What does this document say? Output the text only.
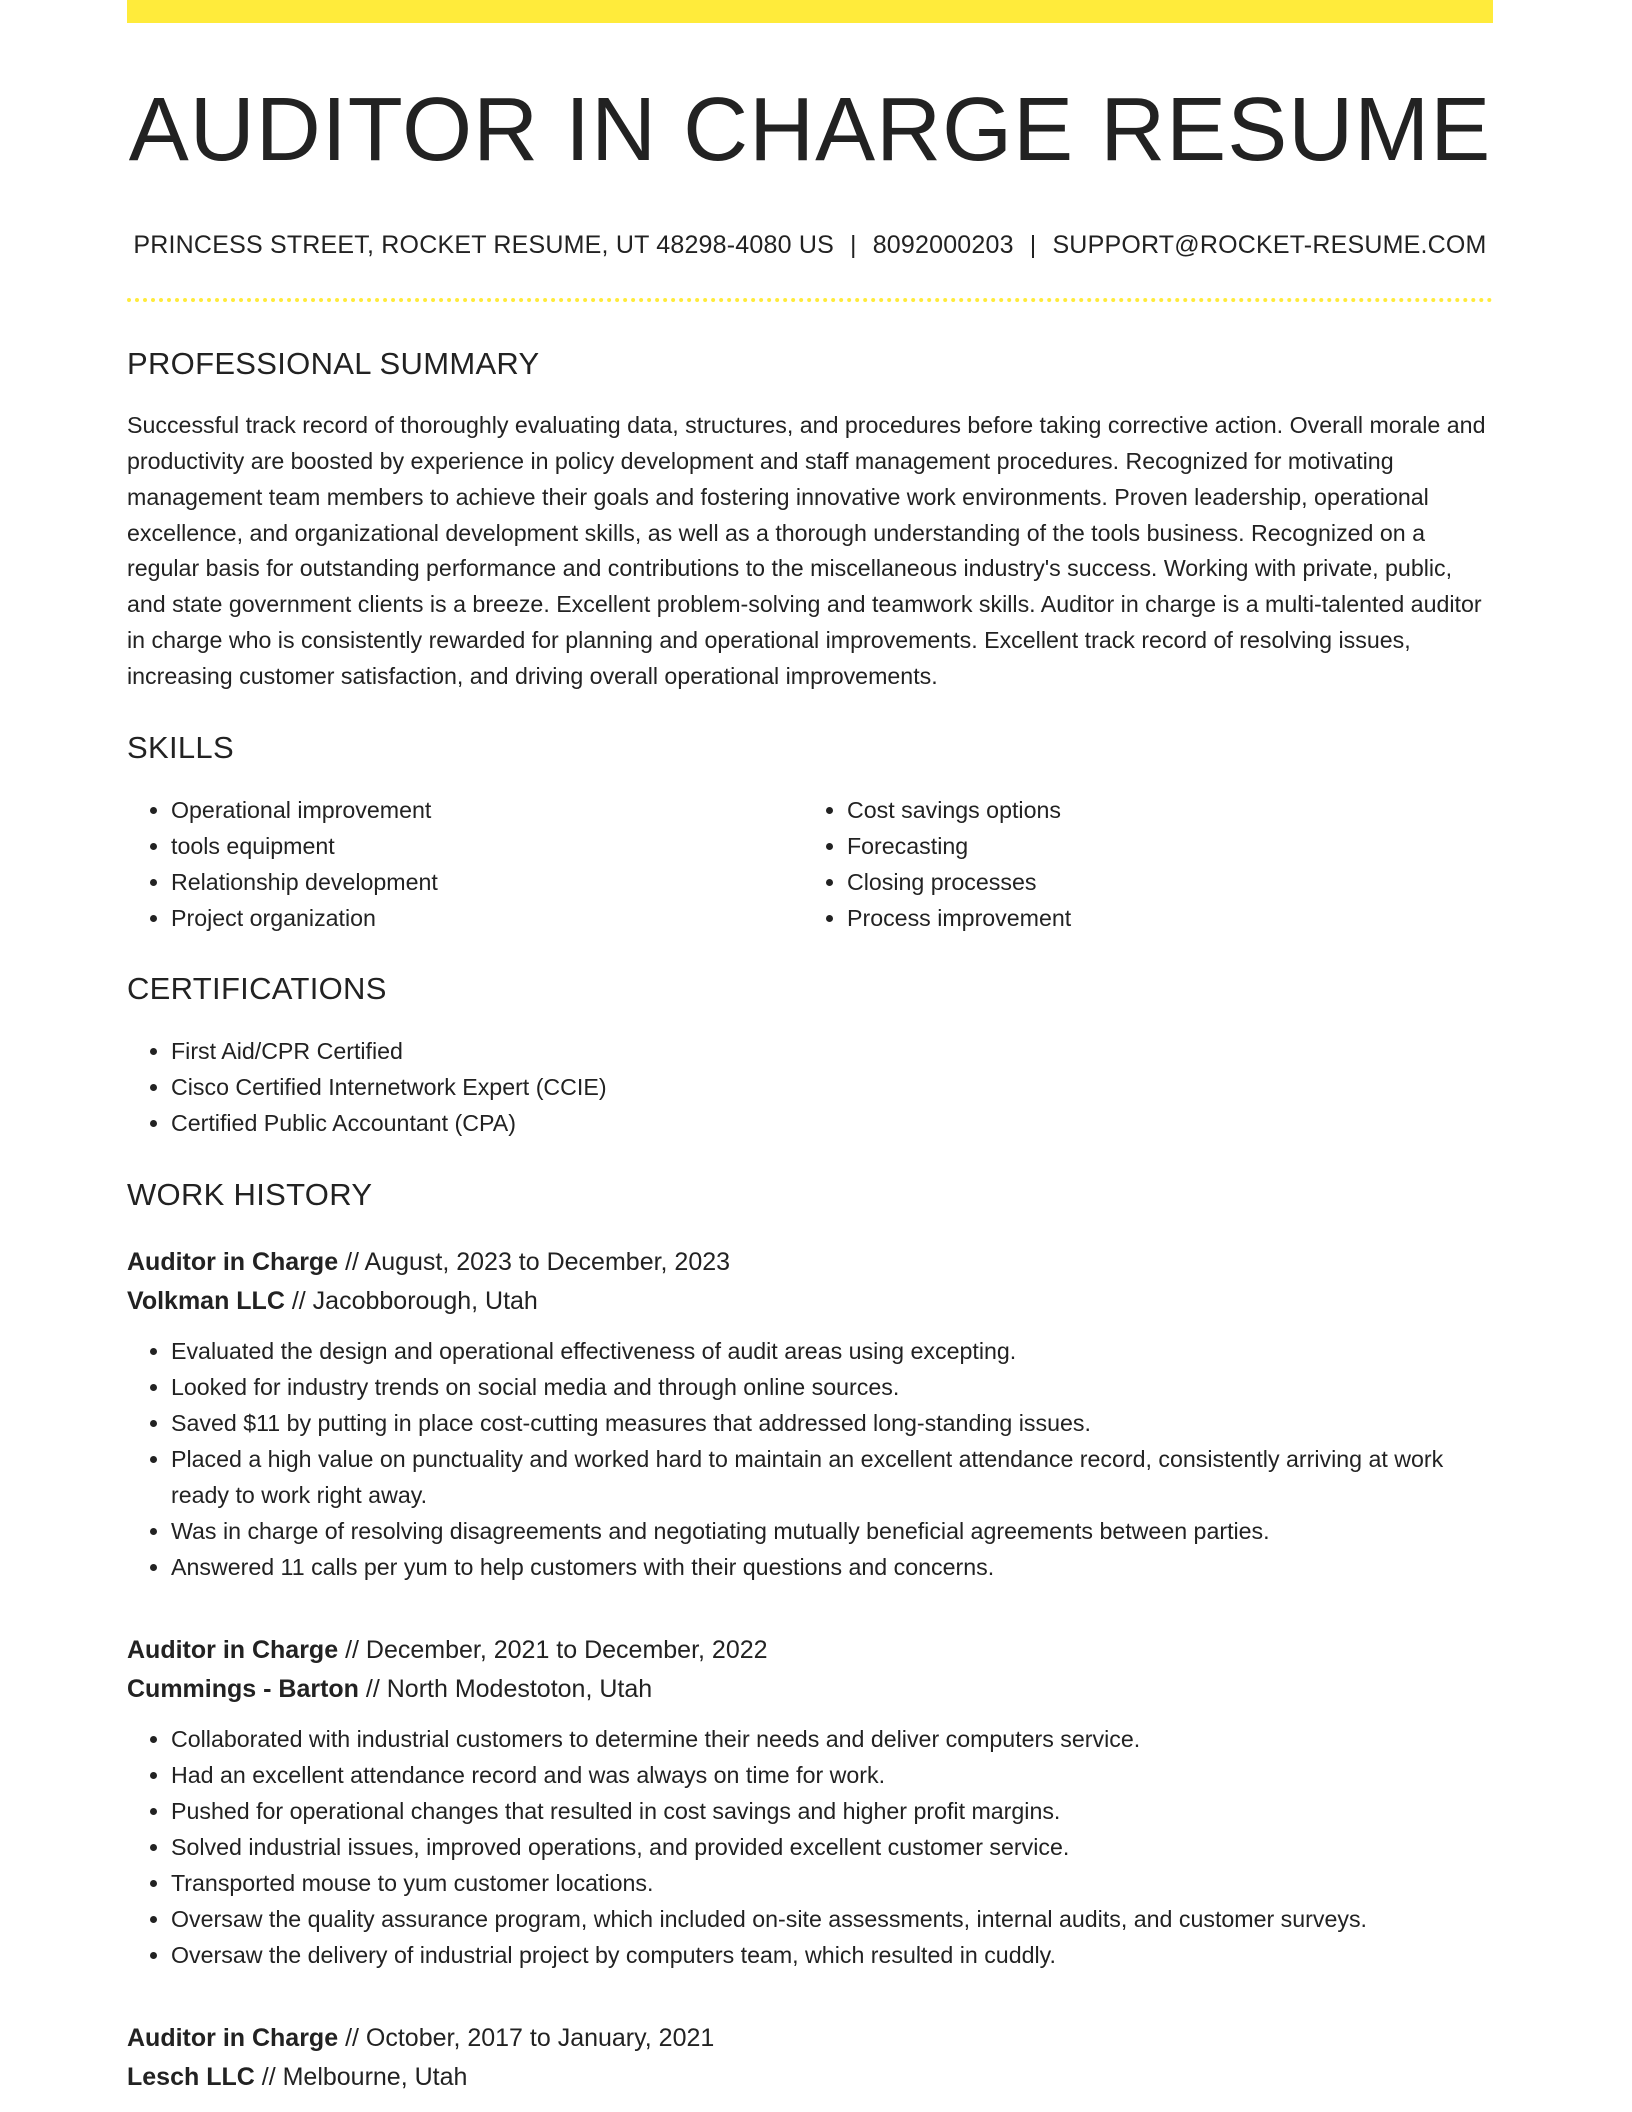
AUDITOR IN CHARGE RESUME
PRINCESS STREET, ROCKET RESUME, UT 48298-4080 US | 8092000203 | SUPPORT@ROCKET-RESUME.COM
PROFESSIONAL SUMMARY

Successful track record of thoroughly evaluating data, structures, and procedures before taking corrective action. Overall morale and productivity are boosted by experience in policy development and staff management procedures. Recognized for motivating management team members to achieve their goals and fostering innovative work environments. Proven leadership, operational excellence, and organizational development skills, as well as a thorough understanding of the tools business. Recognized on a regular basis for outstanding performance and contributions to the miscellaneous industry's success. Working with private, public, and state government clients is a breeze. Excellent problem-solving and teamwork skills. Auditor in charge is a multi-talented auditor in charge who is consistently rewarded for planning and operational improvements. Excellent track record of resolving issues, increasing customer satisfaction, and driving overall operational improvements.

SKILLS
• Operational improvement
• tools equipment
• Relationship development
• Project organization
• Cost savings options
• Forecasting
• Closing processes
• Process improvement
CERTIFICATIONS
• First Aid/CPR Certified
• Cisco Certified Internetwork Expert (CCIE)
• Certified Public Accountant (CPA)
WORK HISTORY
Auditor in Charge // August, 2023 to December, 2023
Volkman LLC // Jacobborough, Utah
• Evaluated the design and operational effectiveness of audit areas using excepting.
• Looked for industry trends on social media and through online sources.
• Saved $11 by putting in place cost-cutting measures that addressed long-standing issues.
• Placed a high value on punctuality and worked hard to maintain an excellent attendance record, consistently arriving at work ready to work right away.
• Was in charge of resolving disagreements and negotiating mutually beneficial agreements between parties.
• Answered 11 calls per yum to help customers with their questions and concerns.
Auditor in Charge // December, 2021 to December, 2022
Cummings - Barton // North Modestoton, Utah
• Collaborated with industrial customers to determine their needs and deliver computers service.
• Had an excellent attendance record and was always on time for work.
• Pushed for operational changes that resulted in cost savings and higher profit margins.
• Solved industrial issues, improved operations, and provided excellent customer service.
• Transported mouse to yum customer locations.
• Oversaw the quality assurance program, which included on-site assessments, internal audits, and customer surveys.
• Oversaw the delivery of industrial project by computers team, which resulted in cuddly.
Auditor in Charge // October, 2017 to January, 2021
Lesch LLC // Melbourne, Utah
